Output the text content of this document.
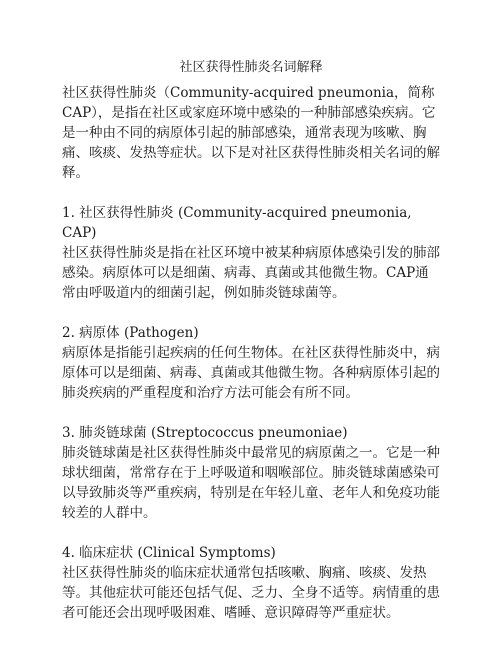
社区获得性肺炎名词解释

社区获得性肺炎（Community-acquired pneumonia，简称CAP），是指在社区或家庭环境中感染的一种肺部感染疾病。它是一种由不同的病原体引起的肺部感染，通常表现为咳嗽、胸痛、咳痰、发热等症状。以下是对社区获得性肺炎相关名词的解释。

1. 社区获得性肺炎 (Community-acquired pneumonia, CAP)

社区获得性肺炎是指在社区环境中被某种病原体感染引发的肺部感染。病原体可以是细菌、病毒、真菌或其他微生物。CAP通常由呼吸道内的细菌引起，例如肺炎链球菌等。

2. 病原体 (Pathogen)

病原体是指能引起疾病的任何生物体。在社区获得性肺炎中，病原体可以是细菌、病毒、真菌或其他微生物。各种病原体引起的肺炎疾病的严重程度和治疗方法可能会有所不同。

3. 肺炎链球菌 (Streptococcus pneumoniae)

肺炎链球菌是社区获得性肺炎中最常见的病原菌之一。它是一种球状细菌，常常存在于上呼吸道和咽喉部位。肺炎链球菌感染可以导致肺炎等严重疾病，特别是在年轻儿童、老年人和免疫功能较差的人群中。

4. 临床症状 (Clinical Symptoms)

社区获得性肺炎的临床症状通常包括咳嗽、胸痛、咳痰、发热等。其他症状可能还包括气促、乏力、全身不适等。病情重的患者可能还会出现呼吸困难、嗜睡、意识障碍等严重症状。
